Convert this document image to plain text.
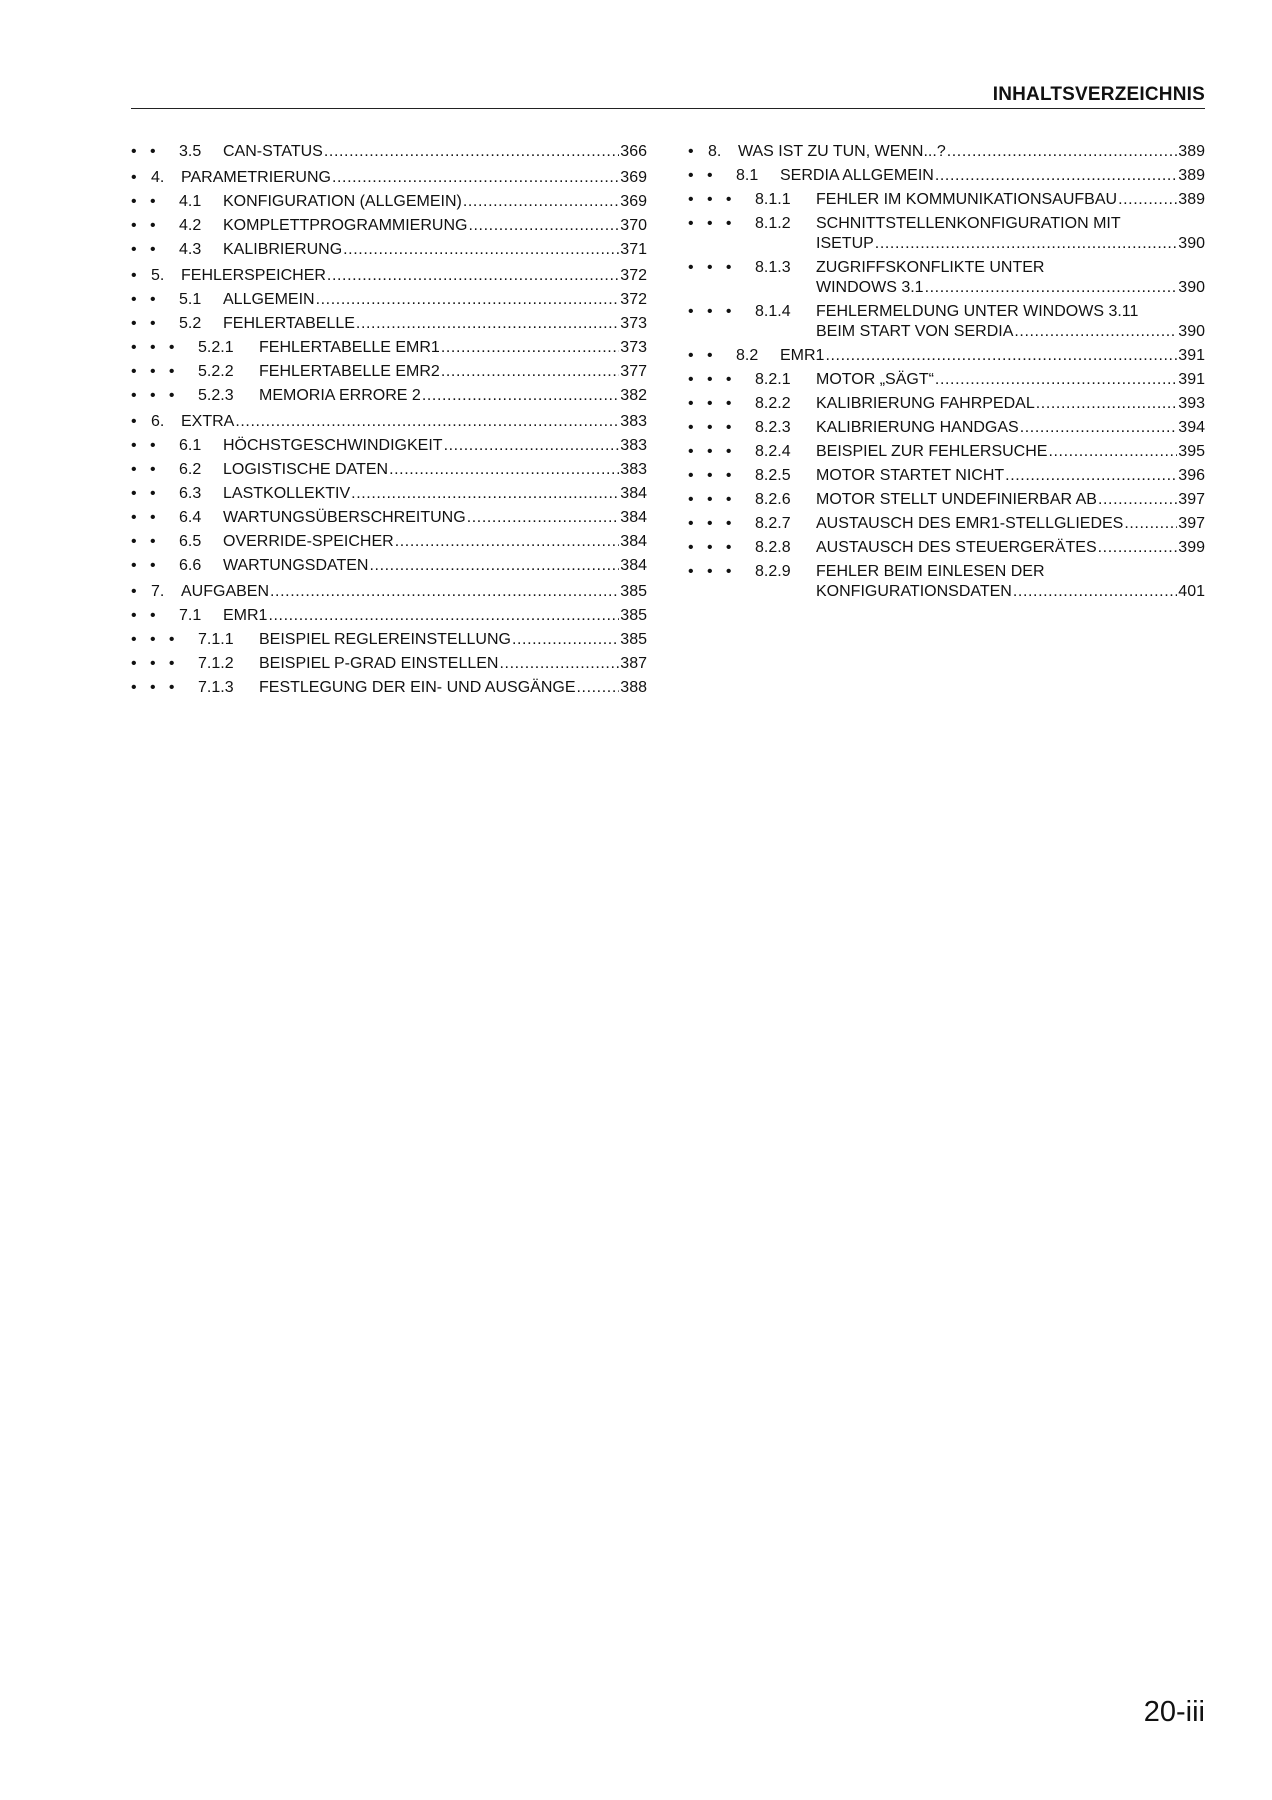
INHALTSVERZEICHNIS
•   • 3.5 CAN-STATUS .....	366
• 4. PARAMETRIERUNG .....	369
•   • 4.1 KONFIGURATION (ALLGEMEIN) .....	369
•   • 4.2 KOMPLETTPROGRAMMIERUNG .....	370
•   • 4.3 KALIBRIERUNG .....	371
• 5. FEHLERSPEICHER .....	372
•   • 5.1 ALLGEMEIN .....	372
•   • 5.2 FEHLERTABELLE .....	373
•   •   • 5.2.1 FEHLERTABELLE EMR1 .....	373
•   •   • 5.2.2 FEHLERTABELLE EMR2 .....	377
•   •   • 5.2.3 MEMORIA ERRORE 2 .....	382
• 6. EXTRA .....	383
•   • 6.1 HÖCHSTGESCHWINDIGKEIT .....	383
•   • 6.2 LOGISTISCHE DATEN .....	383
•   • 6.3 LASTKOLLEKTIV .....	384
•   • 6.4 WARTUNGSÜBERSCHREITUNG .....	384
•   • 6.5 OVERRIDE-SPEICHER .....	384
•   • 6.6 WARTUNGSDATEN .....	384
• 7. AUFGABEN .....	385
•   • 7.1 EMR1 .....	385
•   •   • 7.1.1 BEISPIEL REGLEREINSTELLUNG .....	385
•   •   • 7.1.2 BEISPIEL P-GRAD EINSTELLEN .....	387
•   •   • 7.1.3 FESTLEGUNG DER EIN- UND AUSGÄNGE .....	388
• 8. WAS IST ZU TUN, WENN...? .....	389
•   • 8.1 SERDIA ALLGEMEIN .....	389
•   •   • 8.1.1 FEHLER IM KOMMUNIKATIONSAUFBAU .....	389
•   •   • 8.1.2 SCHNITTSTELLENKONFIGURATION MIT
ISETUP .....	390
•   •   • 8.1.3 ZUGRIFFSKONFLIKTE UNTER
WINDOWS 3.1 .....	390
•   •   • 8.1.4 FEHLERMELDUNG UNTER WINDOWS 3.11
BEIM START VON SERDIA .....	390
•   • 8.2 EMR1 .....	391
•   •   • 8.2.1 MOTOR „SÄGT“ .....	391
•   •   • 8.2.2 KALIBRIERUNG FAHRPEDAL .....	393
•   •   • 8.2.3 KALIBRIERUNG HANDGAS .....	394
•   •   • 8.2.4 BEISPIEL ZUR FEHLERSUCHE .....	395
•   •   • 8.2.5 MOTOR STARTET NICHT .....	396
•   •   • 8.2.6 MOTOR STELLT UNDEFINIERBAR AB .....	397
•   •   • 8.2.7 AUSTAUSCH DES EMR1-STELLGLIEDES .....	397
•   •   • 8.2.8 AUSTAUSCH DES STEUERGERÄTES .....	399
•   •   • 8.2.9 FEHLER BEIM EINLESEN DER
KONFIGURATIONSDATEN .....	401
20-iii
